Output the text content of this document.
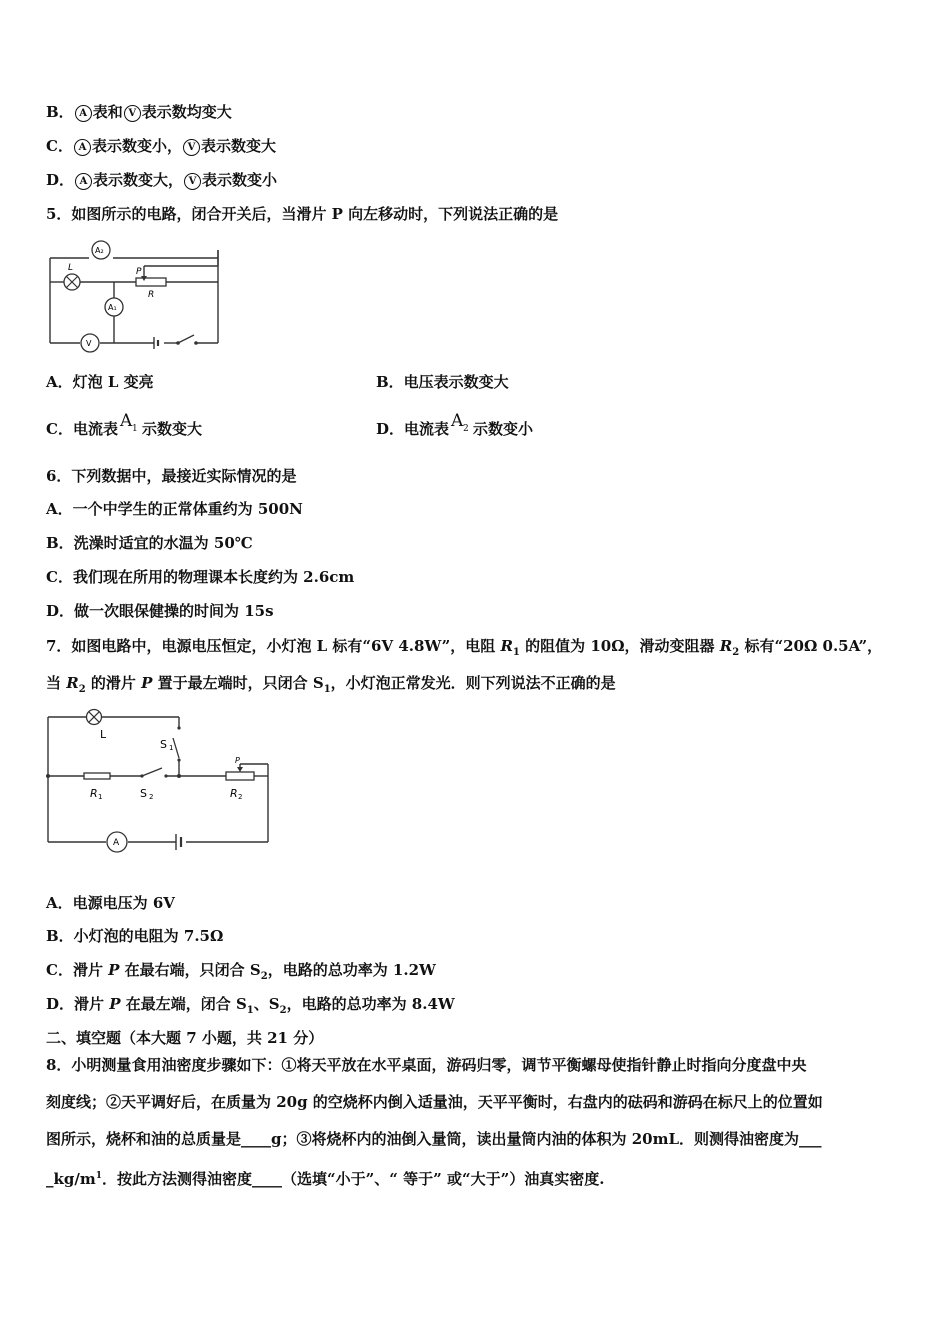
B． A 表和 V 表示数均变大
C． A 表示数变小， V 表示数变大
D． A 表示数变大， V 表示数变小
5．如图所示的电路，闭合开关后，当滑片 P 向左移动时，下列说法正确的是
A₂
L	P
R
A₁
V
A．灯泡 L 变亮	B．电压表示数变大
C．电流表 A 1 示数变大	D．电流表 A 2 示数变小
6．下列数据中，最接近实际情况的是
A．一个中学生的正常体重约为 500N
B．洗澡时适宜的水温为 50℃
C．我们现在所用的物理课本长度约为 2.6cm
D．做一次眼保健操的时间为 15s
7．如图电路中，电源电压恒定，小灯泡 L 标有“6V 4.8W”，电阻 $R_1$ 的阻值为 10Ω，滑动变阻器 $R_2$ 标有“20Ω 0.5A”，
当 $R_2$ 的滑片 P 置于最左端时，只闭合 $S_1$，小灯泡正常发光．则下列说法不正确的是
L
S 1
R 1	S 2
P
R 2
A
A．电源电压为 6V
B．小灯泡的电阻为 7.5Ω
C．滑片 P 在最右端，只闭合 $S_2$，电路的总功率为 1.2W
D．滑片 P 在最左端，闭合 $S_1$、$S_2$，电路的总功率为 8.4W
二、填空题（本大题 7 小题，共 21 分）
8．小明测量食用油密度步骤如下：①将天平放在水平桌面，游码归零，调节平衡螺母使指针静止时指向分度盘中央
刻度线；②天平调好后，在质量为 20g 的空烧杯内倒入适量油，天平平衡时，右盘内的砝码和游码在标尺上的位置如
图所示，烧杯和油的总质量是____g；③将烧杯内的油倒入量筒，读出量筒内油的体积为 20mL．则测得油密度为___
$\_kg/m^1$．按此方法测得油密度____（选填“小于”、“ 等于” 或“大于”）油真实密度.
